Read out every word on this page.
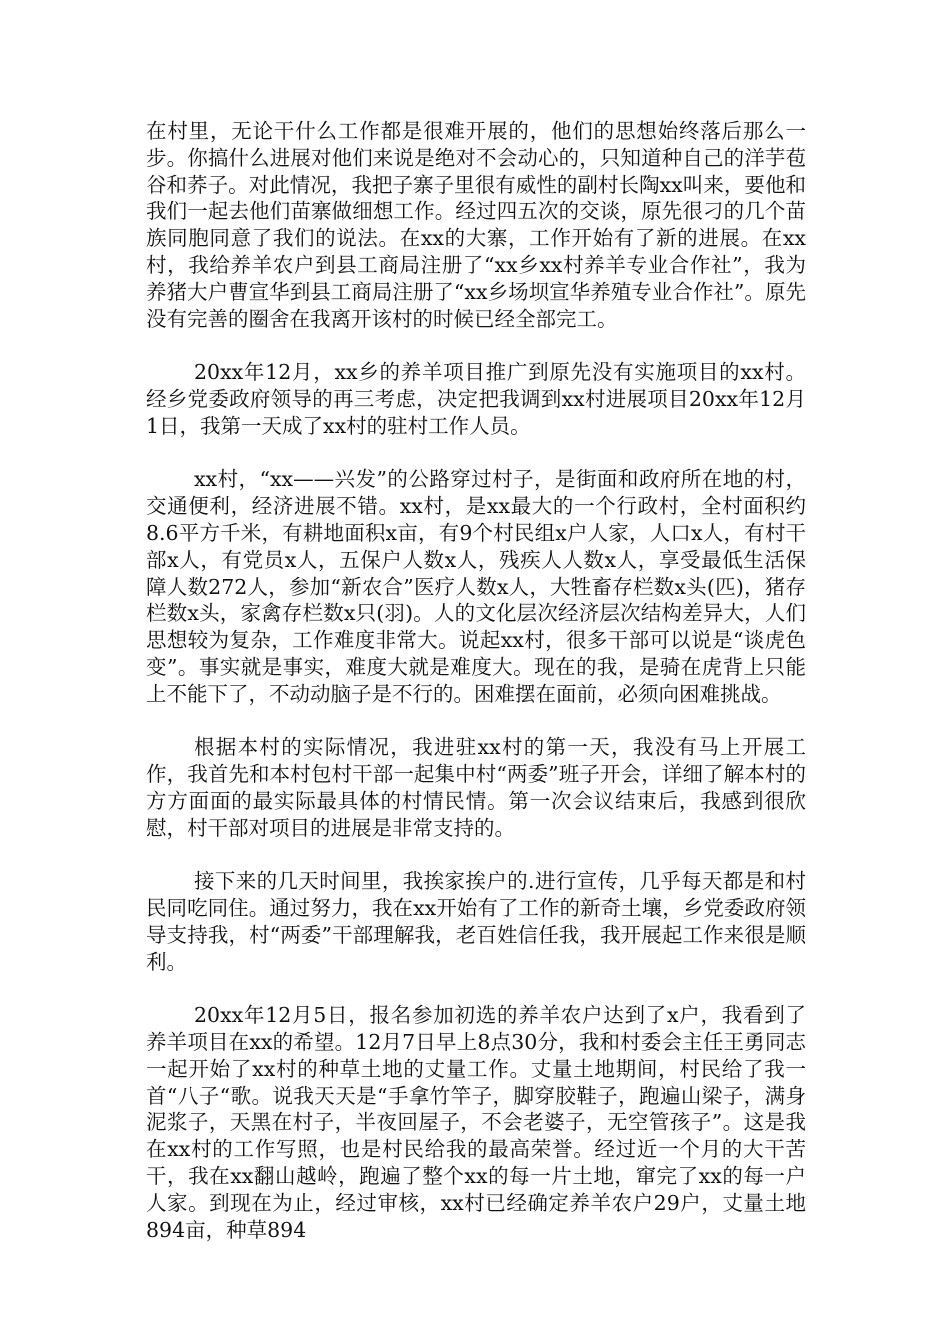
在村里，无论干什么工作都是很难开展的，他们的思想始终落后那么一步。你搞什么进展对他们来说是绝对不会动心的，只知道种自己的洋芋苞谷和荞子。对此情况，我把子寨子里很有威性的副村长陶xx叫来，要他和我们一起去他们苗寨做细想工作。经过四五次的交谈，原先很刁的几个苗族同胞同意了我们的说法。在xx的大寨，工作开始有了新的进展。在xx村，我给养羊农户到县工商局注册了“xx乡xx村养羊专业合作社”，我为养猪大户曹宣华到县工商局注册了“xx乡场坝宣华养殖专业合作社”。原先没有完善的圈舍在我离开该村的时候已经全部完工。

20xx年12月，xx乡的养羊项目推广到原先没有实施项目的xx村。经乡党委政府领导的再三考虑，决定把我调到xx村进展项目20xx年12月1日，我第一天成了xx村的驻村工作人员。

xx村，“xx——兴发”的公路穿过村子，是街面和政府所在地的村，交通便利，经济进展不错。xx村，是xx最大的一个行政村，全村面积约8.6平方千米，有耕地面积x亩，有9个村民组x户人家，人口x人，有村干部x人，有党员x人，五保户人数x人，残疾人人数x人，享受最低生活保障人数272人，参加“新农合”医疗人数x人，大牲畜存栏数x头(匹)，猪存栏数x头，家禽存栏数x只(羽)。人的文化层次经济层次结构差异大，人们思想较为复杂，工作难度非常大。说起xx村，很多干部可以说是“谈虎色变”。事实就是事实，难度大就是难度大。现在的我，是骑在虎背上只能上不能下了，不动动脑子是不行的。困难摆在面前，必须向困难挑战。

根据本村的实际情况，我进驻xx村的第一天，我没有马上开展工作，我首先和本村包村干部一起集中村“两委”班子开会，详细了解本村的方方面面的最实际最具体的村情民情。第一次会议结束后，我感到很欣慰，村干部对项目的进展是非常支持的。

接下来的几天时间里，我挨家挨户的.进行宣传，几乎每天都是和村民同吃同住。通过努力，我在xx开始有了工作的新奇土壤，乡党委政府领导支持我，村“两委”干部理解我，老百姓信任我，我开展起工作来很是顺利。

20xx年12月5日，报名参加初选的养羊农户达到了x户，我看到了养羊项目在xx的希望。12月7日早上8点30分，我和村委会主任王勇同志一起开始了xx村的种草土地的丈量工作。丈量土地期间，村民给了我一首“八子“歌。说我天天是“手拿竹竿子，脚穿胶鞋子，跑遍山梁子，满身泥浆子，天黑在村子，半夜回屋子，不会老婆子，无空管孩子”。这是我在xx村的工作写照，也是村民给我的最高荣誉。经过近一个月的大干苦干，我在xx翻山越岭，跑遍了整个xx的每一片土地，窜完了xx的每一户人家。到现在为止，经过审核，xx村已经确定养羊农户29户，丈量土地894亩，种草894
